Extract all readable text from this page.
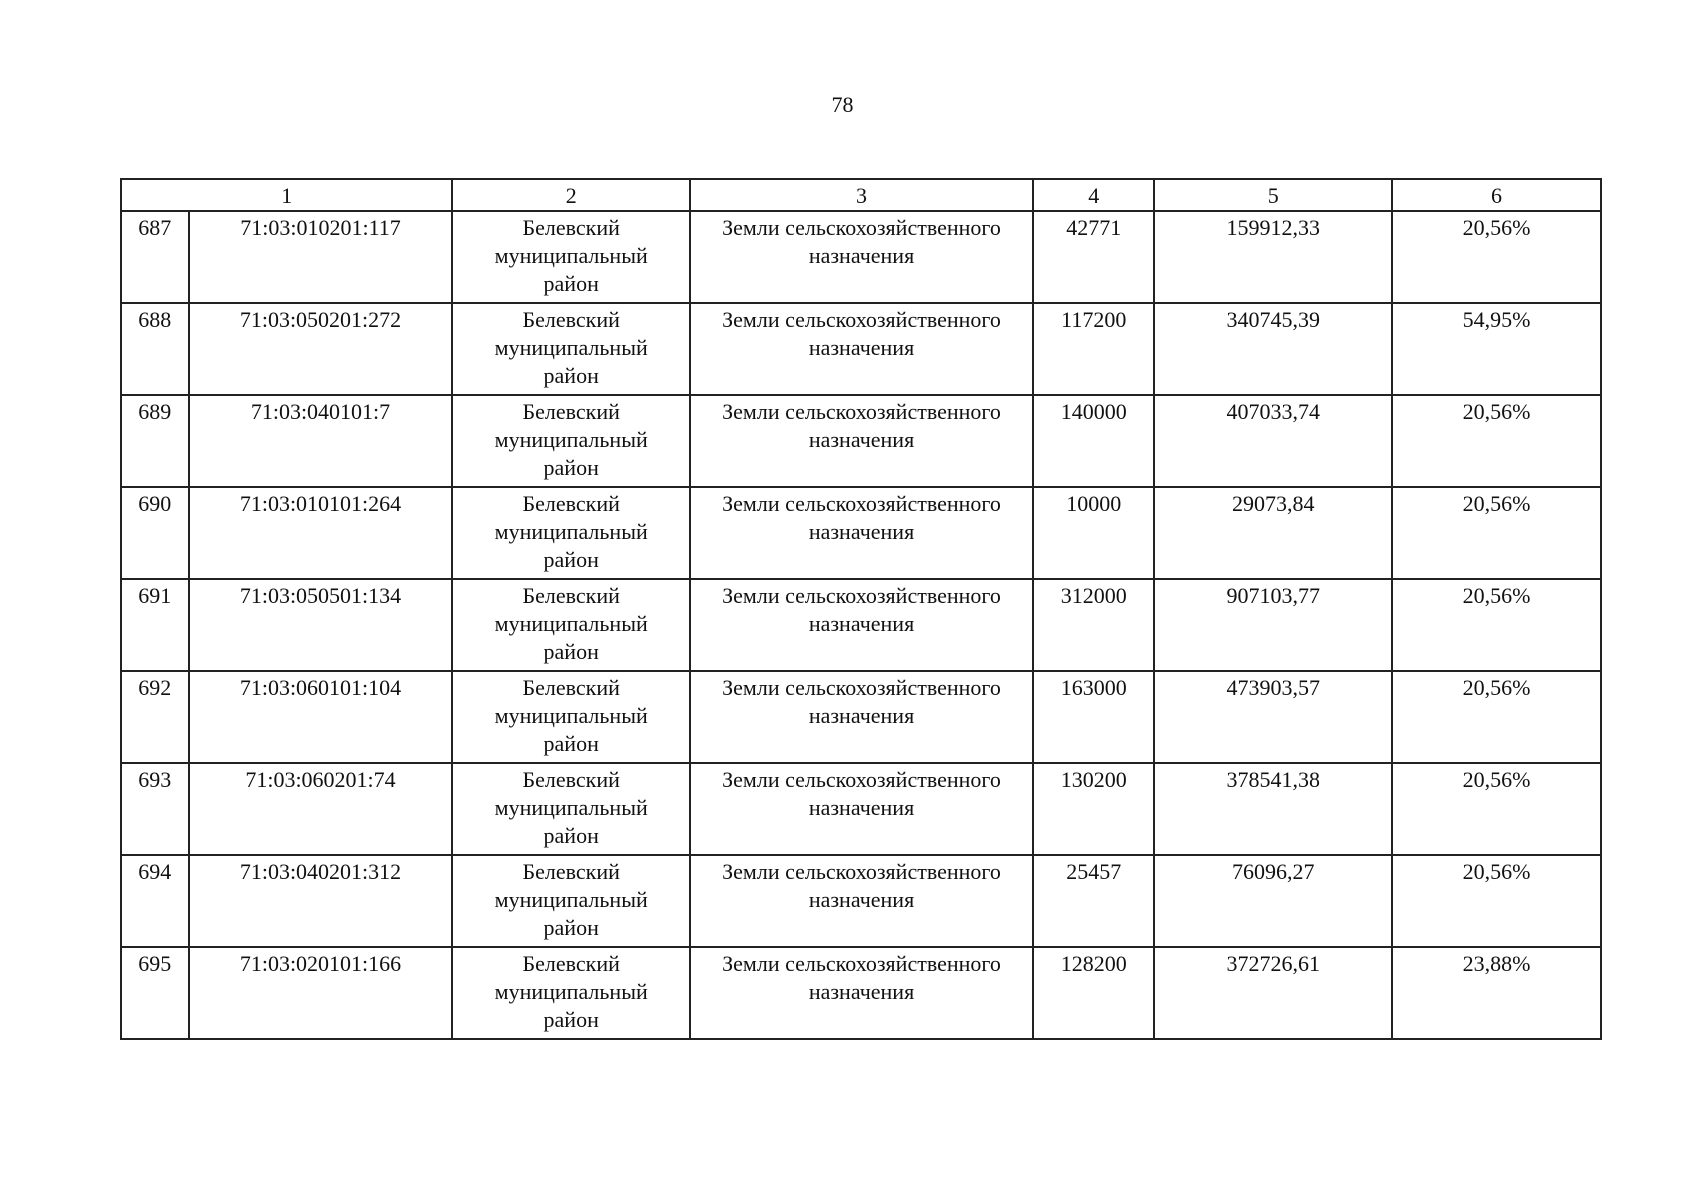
78
1		2	3	4	5	6
687	71:03:010201:117	Белевский
муниципальный
район	Земли сельскохозяйственного
назначения	42771	159912,33	20,56%
688	71:03:050201:272	Белевский
муниципальный
район	Земли сельскохозяйственного
назначения	117200	340745,39	54,95%
689	71:03:040101:7	Белевский
муниципальный
район	Земли сельскохозяйственного
назначения	140000	407033,74	20,56%
690	71:03:010101:264	Белевский
муниципальный
район	Земли сельскохозяйственного
назначения	10000	29073,84	20,56%
691	71:03:050501:134	Белевский
муниципальный
район	Земли сельскохозяйственного
назначения	312000	907103,77	20,56%
692	71:03:060101:104	Белевский
муниципальный
район	Земли сельскохозяйственного
назначения	163000	473903,57	20,56%
693	71:03:060201:74	Белевский
муниципальный
район	Земли сельскохозяйственного
назначения	130200	378541,38	20,56%
694	71:03:040201:312	Белевский
муниципальный
район	Земли сельскохозяйственного
назначения	25457	76096,27	20,56%
695	71:03:020101:166	Белевский
муниципальный
район	Земли сельскохозяйственного
назначения	128200	372726,61	23,88%
